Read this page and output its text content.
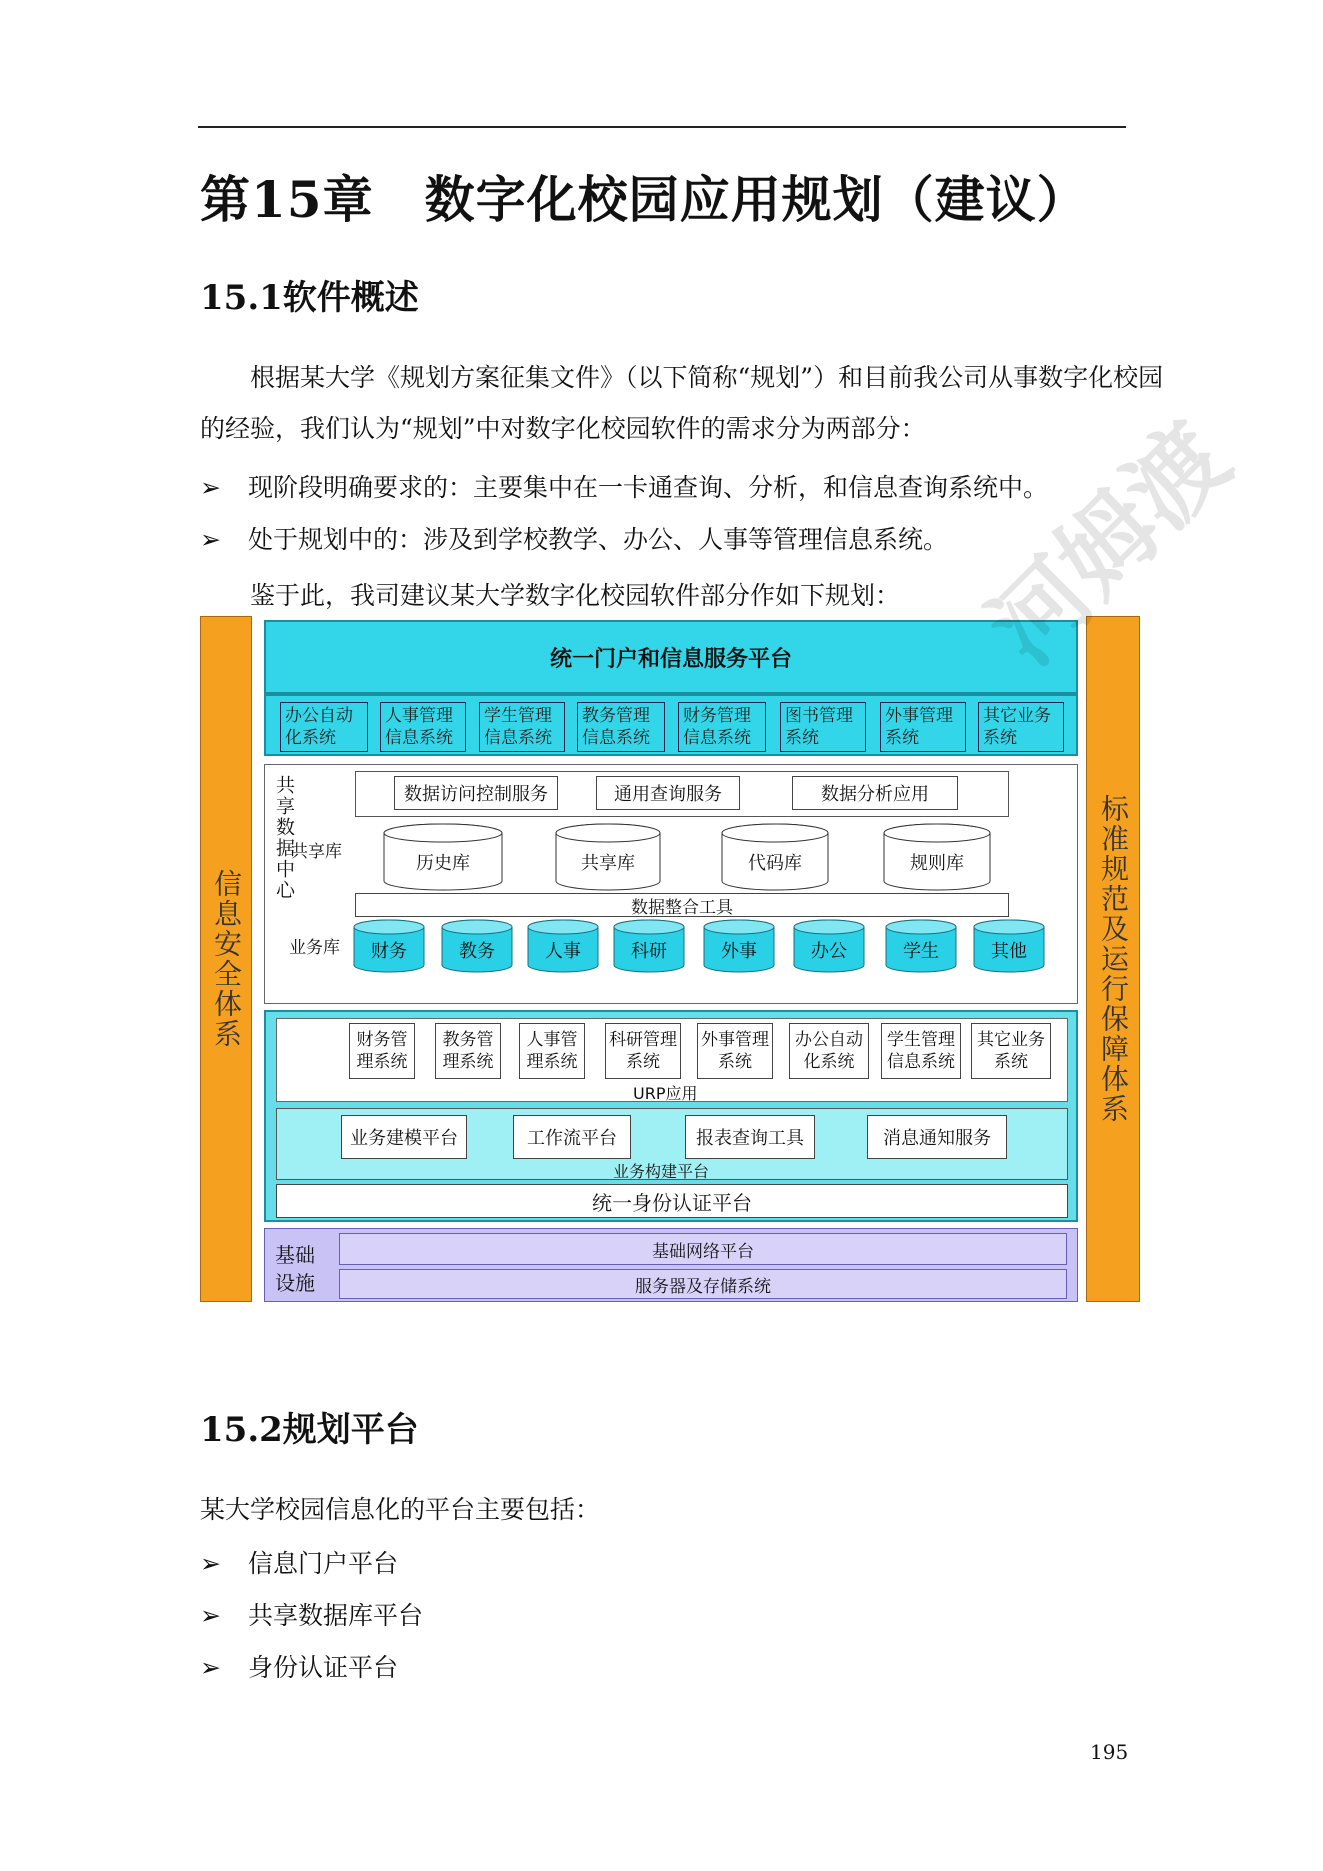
第15章　数字化校园应用规划（建议）
15.1软件概述
根据某大学《规划方案征集文件》（以下简称“规划”）和目前我公司从事数字化校园的经验，我们认为“规划”中对数字化校园软件的需求分为两部分：
➢ 现阶段明确要求的：主要集中在一卡通查询、分析，和信息查询系统中。
➢ 处于规划中的：涉及到学校教学、办公、人事等管理信息系统。
鉴于此，我司建议某大学数字化校园软件部分作如下规划：
信息安全体系	标准规范及运行保障体系
统一门户和信息服务平台
办公自动化系统
人事管理信息系统
学生管理信息系统
教务管理信息系统
财务管理信息系统
图书管理系统
外事管理系统
其它业务系统
共享数据中心
共享库
业务库
数据访问控制服务	通用查询服务	数据分析应用
历史库	共享库	代码库	规则库
数据整合工具
财务	教务	人事	科研	外事	办公	学生	其他
财务管理系统
教务管理系统
人事管理系统
科研管理系统
外事管理系统
办公自动化系统
学生管理信息系统
其它业务系统
URP应用
业务建模平台	工作流平台	报表查询工具	消息通知服务
业务构建平台
统一身份认证平台
基础设施
基础网络平台
服务器及存储系统
15.2规划平台
某大学校园信息化的平台主要包括：
➢ 信息门户平台
➢ 共享数据库平台
➢ 身份认证平台
195
河姆渡
